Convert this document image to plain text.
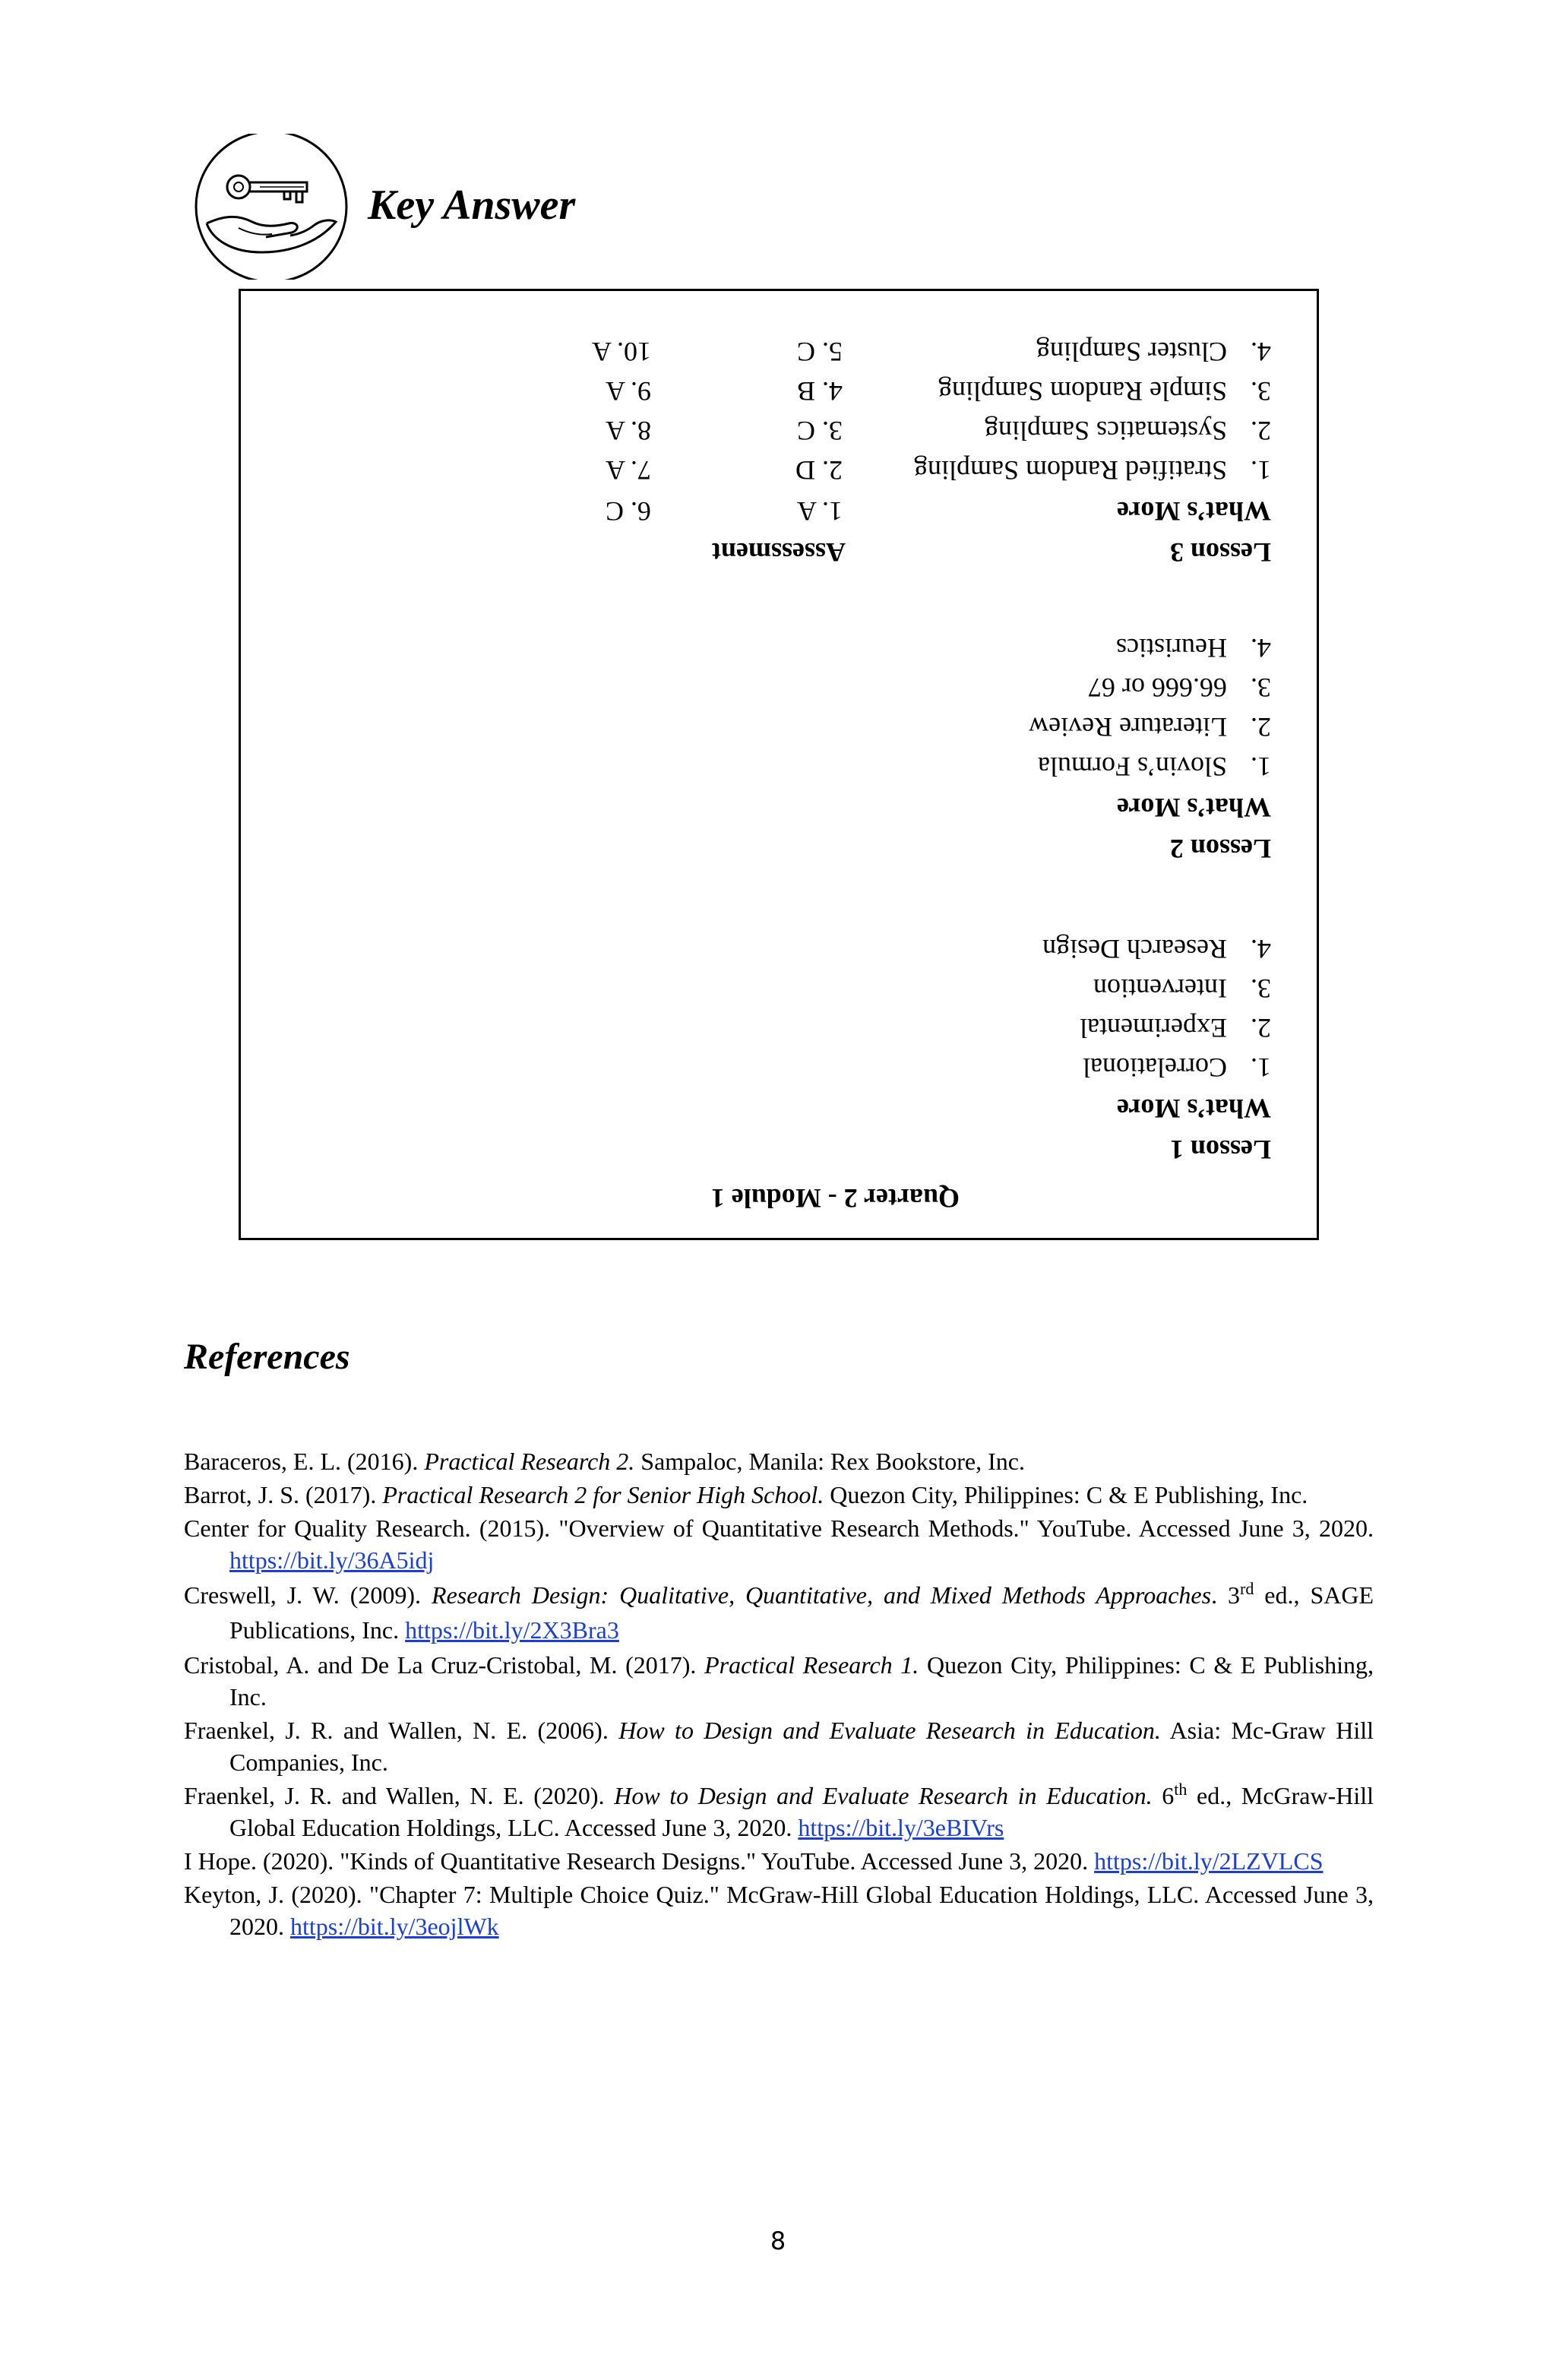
Key Answer
Quarter 2 - Module 1
Lesson 1
What’s More
1.Correlational
2.Experimental
3.Intervention
4.Research Design
Lesson 2
What’s More
1.Slovin’s Formula
2.Literature Review
3.66.666 or 67
4.Heuristics
Lesson 3
What’s More
1.Stratified Random Sampling
2.Systematics Sampling
3.Simple Random Sampling
4.Cluster Sampling
Assessment
1. A
2. D
3. C
4. B
5. C
6. C
7. A
8. A
9. A
10. A
References

Baraceros, E. L. (2016). Practical Research 2. Sampaloc, Manila: Rex Bookstore, Inc.

Barrot, J. S. (2017). Practical Research 2 for Senior High School. Quezon City, Philippines: C & E Publishing, Inc.

Center for Quality Research. (2015). "Overview of Quantitative Research Methods." YouTube. Accessed June 3, 2020. https://bit.ly/36A5idj

Creswell, J. W. (2009). Research Design: Qualitative, Quantitative, and Mixed Methods Approaches. 3rd ed., SAGE Publications, Inc. https://bit.ly/2X3Bra3

Cristobal, A. and De La Cruz-Cristobal, M. (2017). Practical Research 1. Quezon City, Philippines: C & E Publishing, Inc.

Fraenkel, J. R. and Wallen, N. E. (2006). How to Design and Evaluate Research in Education. Asia: Mc-Graw Hill Companies, Inc.

Fraenkel, J. R. and Wallen, N. E. (2020). How to Design and Evaluate Research in Education. 6th ed., McGraw-Hill Global Education Holdings, LLC. Accessed June 3, 2020. https://bit.ly/3eBIVrs

I Hope. (2020). "Kinds of Quantitative Research Designs." YouTube. Accessed June 3, 2020. https://bit.ly/2LZVLCS

Keyton, J. (2020). "Chapter 7: Multiple Choice Quiz." McGraw-Hill Global Education Holdings, LLC. Accessed June 3, 2020. https://bit.ly/3eojlWk

8
